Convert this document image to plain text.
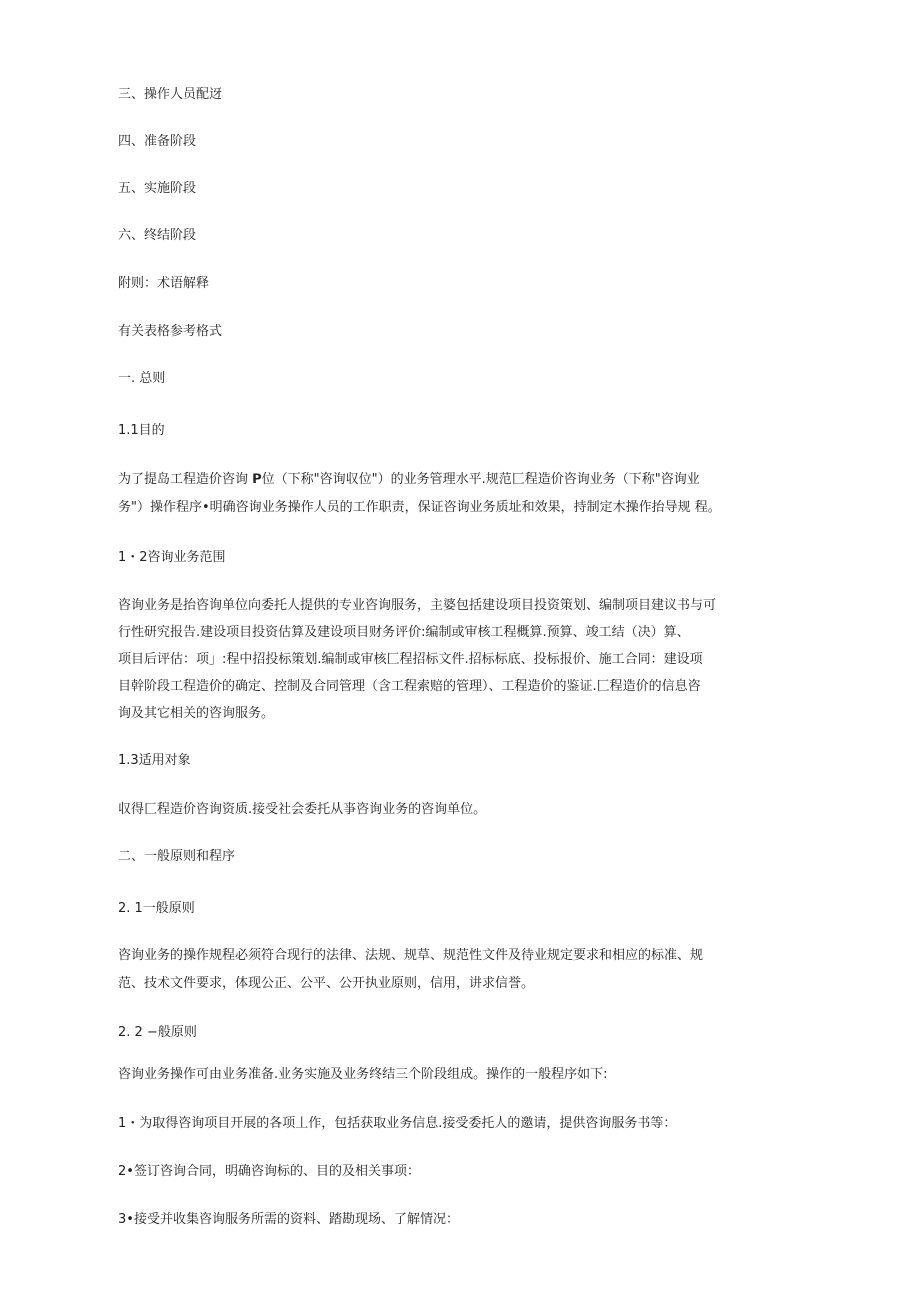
三、操作人员配迓
四、准备阶段
五、实施阶段
六、终结阶段
附则：术语解释
有关表格参考格式
一. 总则
1.1目的
为了提岛工程造价咨询 𝗣位（下称"咨询収位"）的业务管理水平.规范匚程造价咨询业务（下称"咨询业
务"）操作程序•明确咨询业务操作人员的⼯作职责，保证咨询业务质址和效果，持制定木操作抬导规 程。
1・2咨询业务范围
咨询业务是抬咨询单位向委托人提供的专业咨询服务，主婆包括建设项目投资策划、编制项目建议书与可
行性研究报告.建设项目投资估算及建设项目财务评价:编制或审核工程概算.预算、竣工结（决）算、
项目后评估：项」:程中招投标策划.编制或审核匚程招标文件.招标标底、投标报价、施工合同：建设项
目幹阶段工程造价的确定、控制及合同管理（含工程索赔的管理）、工程造价的鉴证.匚程造价的信息咨
询及其它相关的咨询服务。
1.3适用对象
収得匚程造价咨询资质.接受社会委托从亊咨询业务的咨询单位。
二、一般原则和程序
2. 1一般原则
咨询业务的操作规程必须符合现行的法律、法规、规草、规范性文件及待业规定要求和相应的标准、规
范、技术文件要求，体现公正、公平、公开执业原则，信用，讲求信誉。
2. 2 −般原则
咨询业务操作可由业务准备.业务实施及业务终结三个阶段组成。操作的一般程序如下:
1・为取得咨询项目开展的各项丄作，包括获取业务信息.接受委托人的邀请，提供咨询服务书等：
2•签订咨询合同，明确咨询标的、目的及相关事项：
3•接受并收集咨询服务所需的资料、踏勘现场、了解情况：
